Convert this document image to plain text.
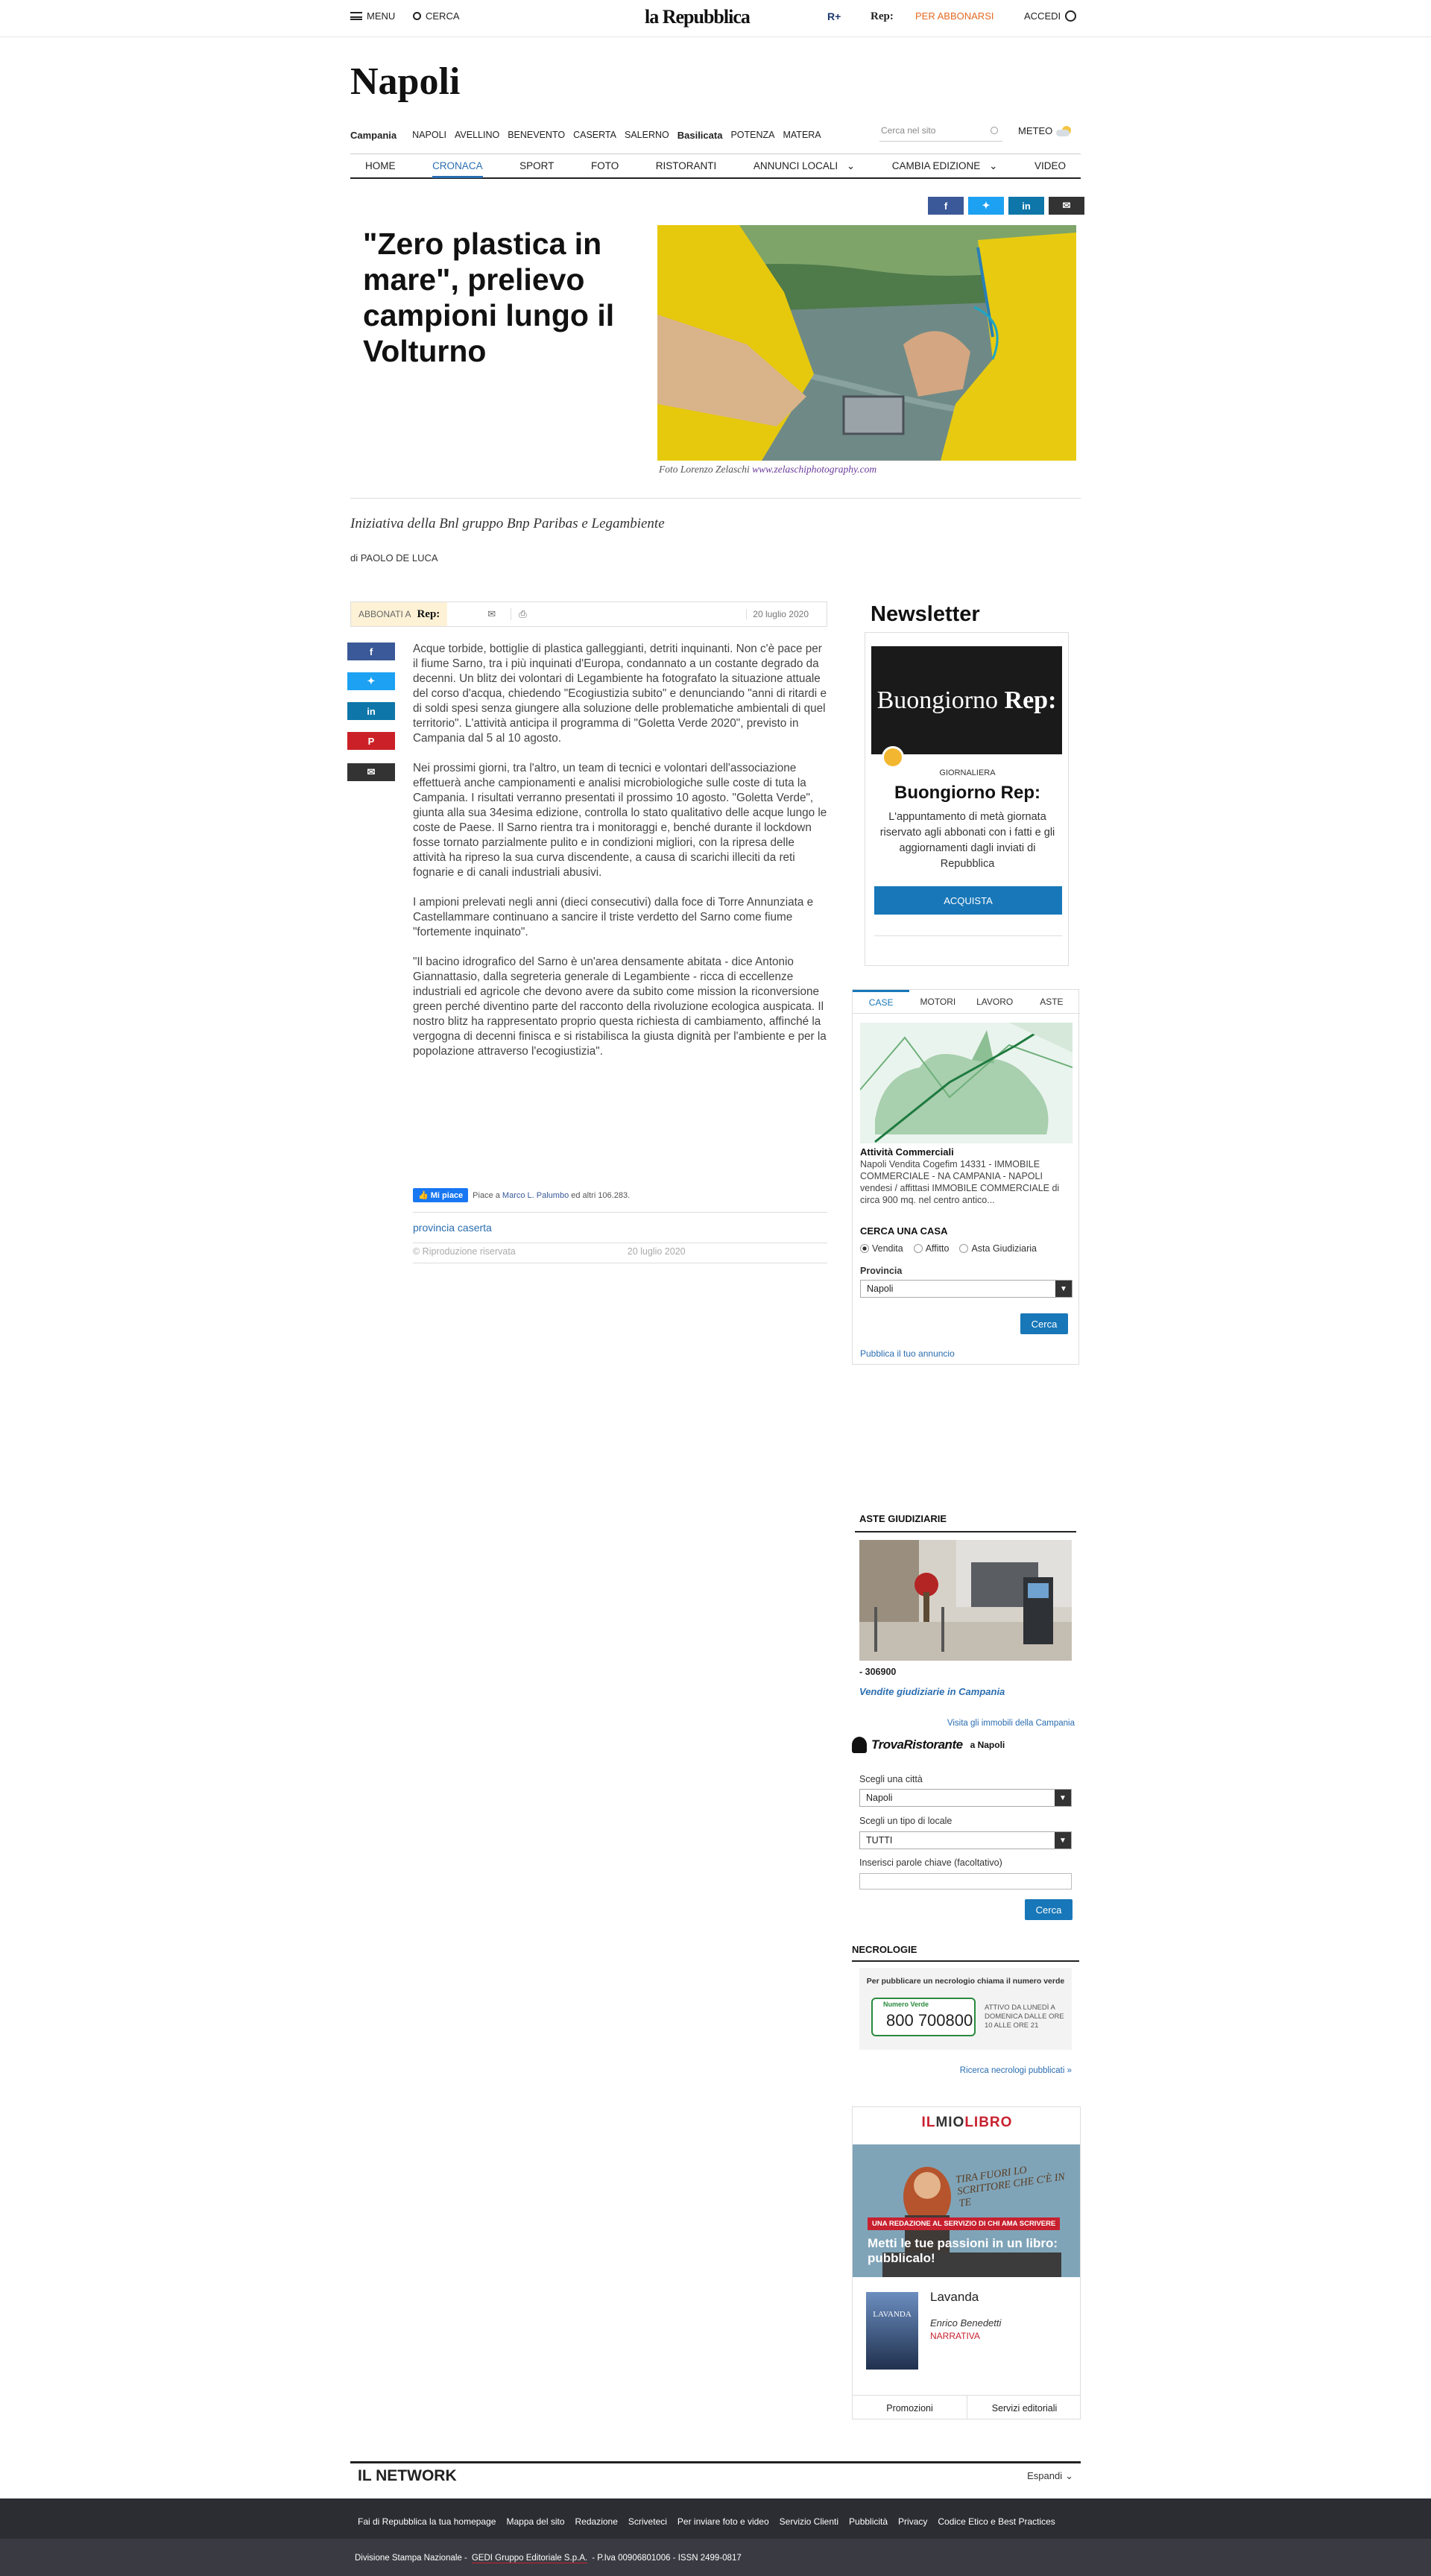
MENU	CERCA	la Repubblica	R+	Rep: PER ABBONARSI	ACCEDI
Napoli
Campania NAPOLI AVELLINO BENEVENTO CASERTA SALERNO Basilicata POTENZA MATERA	Cerca nel sito	METEO
HOME	CRONACA	SPORT	FOTO	RISTORANTI	ANNUNCI LOCALI ⌄	CAMBIA EDIZIONE ⌄	VIDEO
f	✦	in	✉
"Zero plastica in mare", prelievo campioni lungo il Volturno
Foto Lorenzo Zelaschi www.zelaschiphotography.com
Iniziativa della Bnl gruppo Bnp Paribas e Legambiente
di PAOLO DE LUCA
ABBONATI A Rep:	✉	⎙	20 luglio 2020
f
✦
in
P
✉

Acque torbide, bottiglie di plastica galleggianti, detriti inquinanti. Non c'è pace per il fiume Sarno, tra i più inquinati d'Europa, condannato a un costante degrado da decenni. Un blitz dei volontari di Legambiente ha fotografato la situazione attuale del corso d'acqua, chiedendo "Ecogiustizia subito" e denunciando "anni di ritardi e di soldi spesi senza giungere alla soluzione delle problematiche ambientali di quel territorio". L'attività anticipa il programma di "Goletta Verde 2020", previsto in Campania dal 5 al 10 agosto.

Nei prossimi giorni, tra l'altro, un team di tecnici e volontari dell'associazione effettuerà anche campionamenti e analisi microbiologiche sulle coste di tuta la Campania. I risultati verranno presentati il prossimo 10 agosto. "Goletta Verde", giunta alla sua 34esima edizione, controlla lo stato qualitativo delle acque lungo le coste de Paese. Il Sarno rientra tra i monitoraggi e, benché durante il lockdown fosse tornato parzialmente pulito e in condizioni migliori, con la ripresa delle attività ha ripreso la sua curva discendente, a causa di scarichi illeciti da reti fognarie e di canali industriali abusivi.

I ampioni prelevati negli anni (dieci consecutivi) dalla foce di Torre Annunziata e Castellammare continuano a sancire il triste verdetto del Sarno come fiume "fortemente inquinato".

"Il bacino idrografico del Sarno è un'area densamente abitata - dice Antonio Giannattasio, dalla segreteria generale di Legambiente - ricca di eccellenze industriali ed agricole che devono avere da subito come mission la riconversione green perché diventino parte del racconto della rivoluzione ecologica auspicata. Il nostro blitz ha rappresentato proprio questa richiesta di cambiamento, affinché la vergogna di decenni finisca e si ristabilisca la giusta dignità per l'ambiente e per la popolazione attraverso l'ecogiustizia".

👍 Mi piace	Piace a Marco L. Palumbo ed altri 106.283.
provincia caserta
© Riproduzione riservata	20 luglio 2020
Newsletter
Buongiorno
Rep:
GIORNALIERA
Buongiorno Rep:
L'appuntamento di metà giornata riservato agli abbonati con i fatti e gli aggiornamenti dagli inviati di Repubblica
ACQUISTA
CASE	MOTORI	LAVORO	ASTE
Attività Commerciali
Napoli Vendita Cogefim 14331 - IMMOBILE COMMERCIALE - NA CAMPANIA - NAPOLI vendesi / affittasi IMMOBILE COMMERCIALE di circa 900 mq. nel centro antico...
CERCA UNA CASA
Vendita Affitto Asta Giudiziaria
Provincia
Napoli	▼
Cerca
Pubblica il tuo annuncio
ASTE GIUDIZIARIE
- 306900
Vendite giudiziarie in Campania
Visita gli immobili della Campania
TrovaRistorante a Napoli
Scegli una città
Napoli	▼
Scegli un tipo di locale
TUTTI	▼
Inserisci parole chiave (facoltativo)
Cerca
NECROLOGIE
Per pubblicare un necrologio chiama il numero verde
Numero Verde
800 700800
ATTIVO DA LUNEDÌ A DOMENICA DALLE ORE 10 ALLE ORE 21
Ricerca necrologi pubblicati »
ILMIOLIBRO
TIRA FUORI LO SCRITTORE CHE C'È IN TE
UNA REDAZIONE AL SERVIZIO DI CHI AMA SCRIVERE
Metti le tue passioni in un libro: pubblicalo!
LAVANDA
Lavanda
Enrico Benedetti
NARRATIVA
Promozioni	Servizi editoriali
IL NETWORK	Espandi ⌄
Fai di Repubblica la tua homepage Mappa del sito Redazione Scriveteci Per inviare foto e video Servizio Clienti Pubblicità Privacy Codice Etico e Best Practices
Divisione Stampa Nazionale - GEDI Gruppo Editoriale S.p.A. - P.Iva 00906801006 - ISSN 2499-0817
